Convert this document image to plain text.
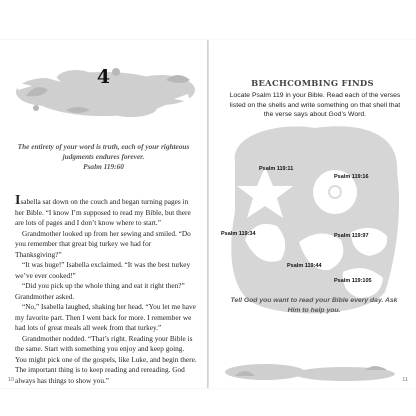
4
The entirety of your word is truth, each of your righteous judgments endures forever.
Psalm 119:60

Isabella sat down on the couch and began turning pages in her Bible. “I know I’m supposed to read my Bible, but there are lots of pages and I don’t know where to start.”

Grandmother looked up from her sewing and smiled. “Do you remember that great big turkey we had for Thanksgiving?”

“It was huge!” Isabella exclaimed. “It was the best turkey we’ve ever cooked!”

“Did you pick up the whole thing and eat it right then?” Grandmother asked.

“No,” Isabella laughed, shaking her head. “You let me have my favorite part. Then I went back for more. I remember we had lots of great meals all week from that turkey.”

Grandmother nodded. “That’s right. Reading your Bible is the same. Start with something you enjoy and keep going. You might pick one of the gospels, like Luke, and begin there. The important thing is to keep reading and rereading. God always has things to show you.”

10
BEACHCOMBING FINDS
Locate Psalm 119 in your Bible. Read each of the verses listed on the shells and write something on that shell that the verse says about God’s Word.
Psalm 119:11
Psalm 119:16
Psalm 119:34	Psalm 119:97
Psalm 119:44
Psalm 119:105
Tell God you want to read your Bible every day. Ask Him to help you.
11
